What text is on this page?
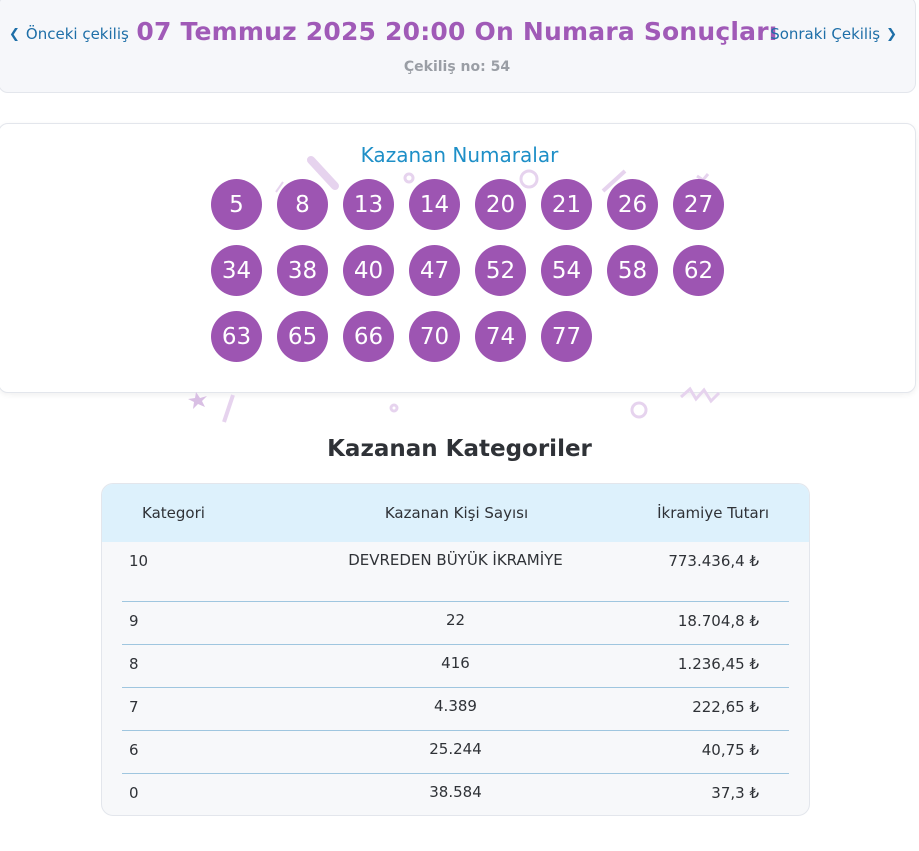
❮ Önceki çekiliş 07 Temmuz 2025 20:00 On Numara Sonuçları
Çekiliş no: 54
Sonraki Çekiliş ❯
Kazanan Numaralar
5	8	13	14	20	21	26	27
34	38	40	47	52	54	58	62
63	65	66	70	74	77
Kazanan Kategoriler
Kategori	Kazanan Kişi Sayısı	İkramiye Tutarı
10	DEVREDEN BÜYÜK İKRAMİYE	773.436,4 ₺
9	22	18.704,8 ₺
8	416	1.236,45 ₺
7	4.389	222,65 ₺
6	25.244	40,75 ₺
0	38.584	37,3 ₺
